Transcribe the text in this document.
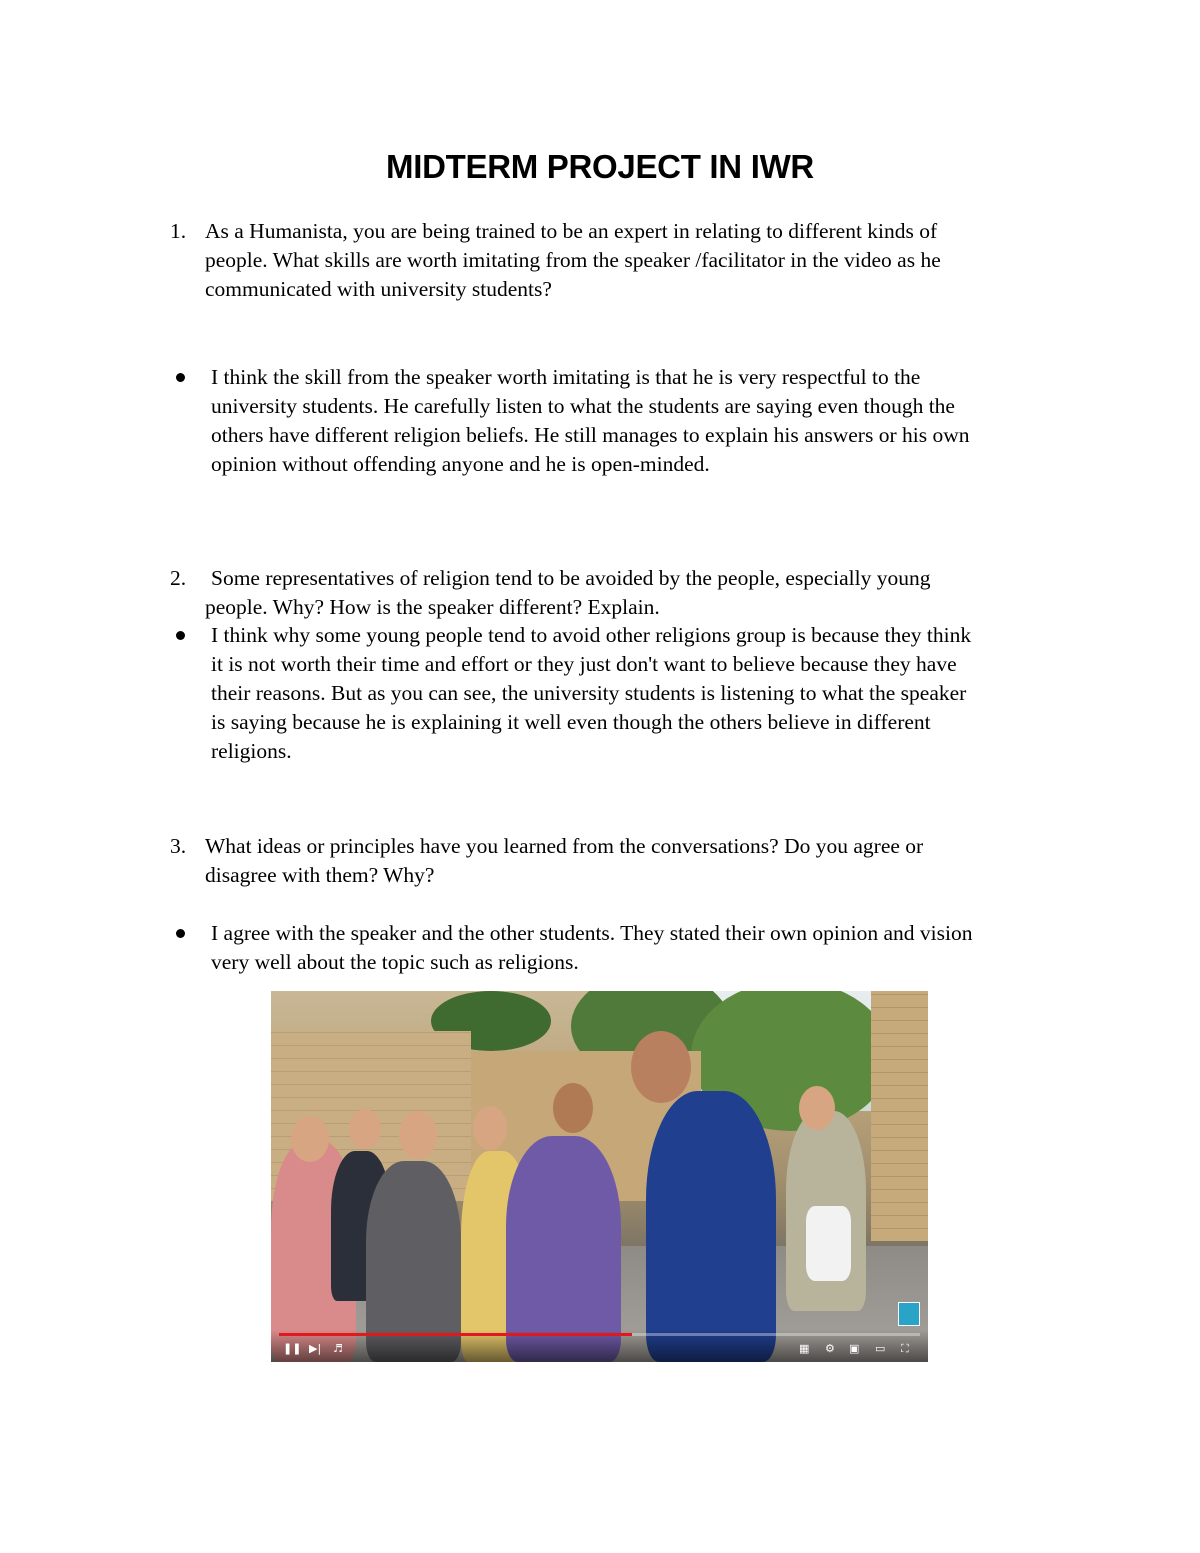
MIDTERM PROJECT IN IWR
1. As a Humanista, you are being trained to be an expert in relating to different kinds of
people. What skills are worth imitating from the speaker /facilitator in the video as he
communicated with university students?
I think the skill from the speaker worth imitating is that he is very respectful to the
university students. He carefully listen to what the students are saying even though the
others have different religion beliefs. He still manages to explain his answers or his own
opinion without offending anyone and he is open-minded.
2. Some representatives of religion tend to be avoided by the people, especially young
people. Why? How is the speaker different? Explain.
I think why some young people tend to avoid other religions group is because they think
it is not worth their time and effort or they just don't want to believe because they have
their reasons. But as you can see, the university students is listening to what the speaker
is saying because he is explaining it well even though the others believe in different
religions.
3. What ideas or principles have you learned from the conversations? Do you agree or
disagree with them? Why?
I agree with the speaker and the other students. They stated their own opinion and vision
very well about the topic such as religions.
❚❚ ▶| ♬	▦ ⚙ ▣ ▭ ⛶
